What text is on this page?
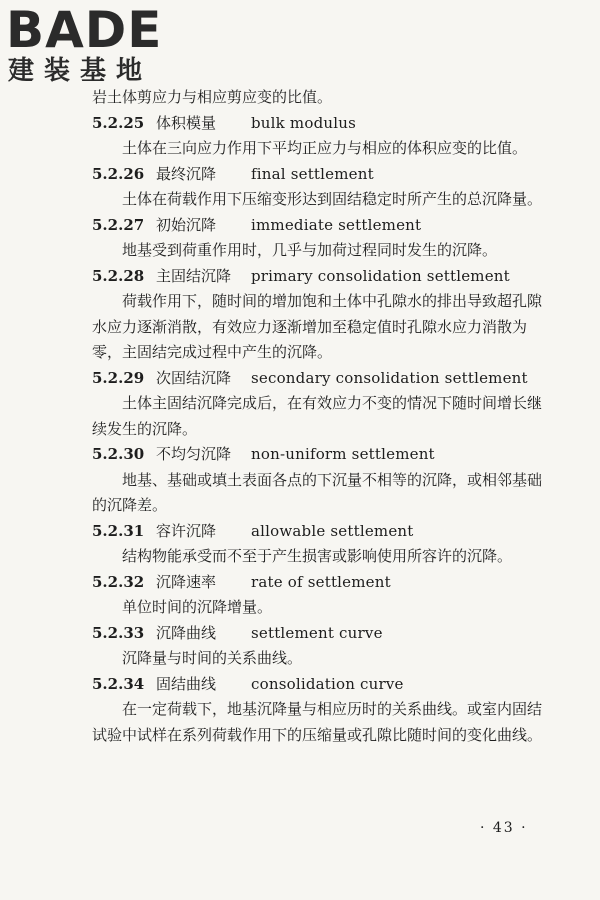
BADE
建装基地
岩土体剪应力与相应剪应变的比值。
5.2.25 体积模量 bulk modulus

土体在三向应力作用下平均正应力与相应的体积应变的比值。

5.2.26 最终沉降 final settlement

土体在荷载作用下压缩变形达到固结稳定时所产生的总沉降量。

5.2.27 初始沉降 immediate settlement

地基受到荷重作用时，几乎与加荷过程同时发生的沉降。

5.2.28 主固结沉降 primary consolidation settlement

荷载作用下，随时间的增加饱和土体中孔隙水的排出导致超孔隙水应力逐渐消散，有效应力逐渐增加至稳定值时孔隙水应力消散为零，主固结完成过程中产生的沉降。

5.2.29 次固结沉降 secondary consolidation settlement

土体主固结沉降完成后，在有效应力不变的情况下随时间增长继续发生的沉降。

5.2.30 不均匀沉降 non-uniform settlement

地基、基础或填土表面各点的下沉量不相等的沉降，或相邻基础的沉降差。

5.2.31 容许沉降 allowable settlement

结构物能承受而不至于产生损害或影响使用所容许的沉降。

5.2.32 沉降速率 rate of settlement

单位时间的沉降增量。

5.2.33 沉降曲线 settlement curve

沉降量与时间的关系曲线。

5.2.34 固结曲线 consolidation curve

在一定荷载下，地基沉降量与相应历时的关系曲线。或室内固结试验中试样在系列荷载作用下的压缩量或孔隙比随时间的变化曲线。

· 43 ·
